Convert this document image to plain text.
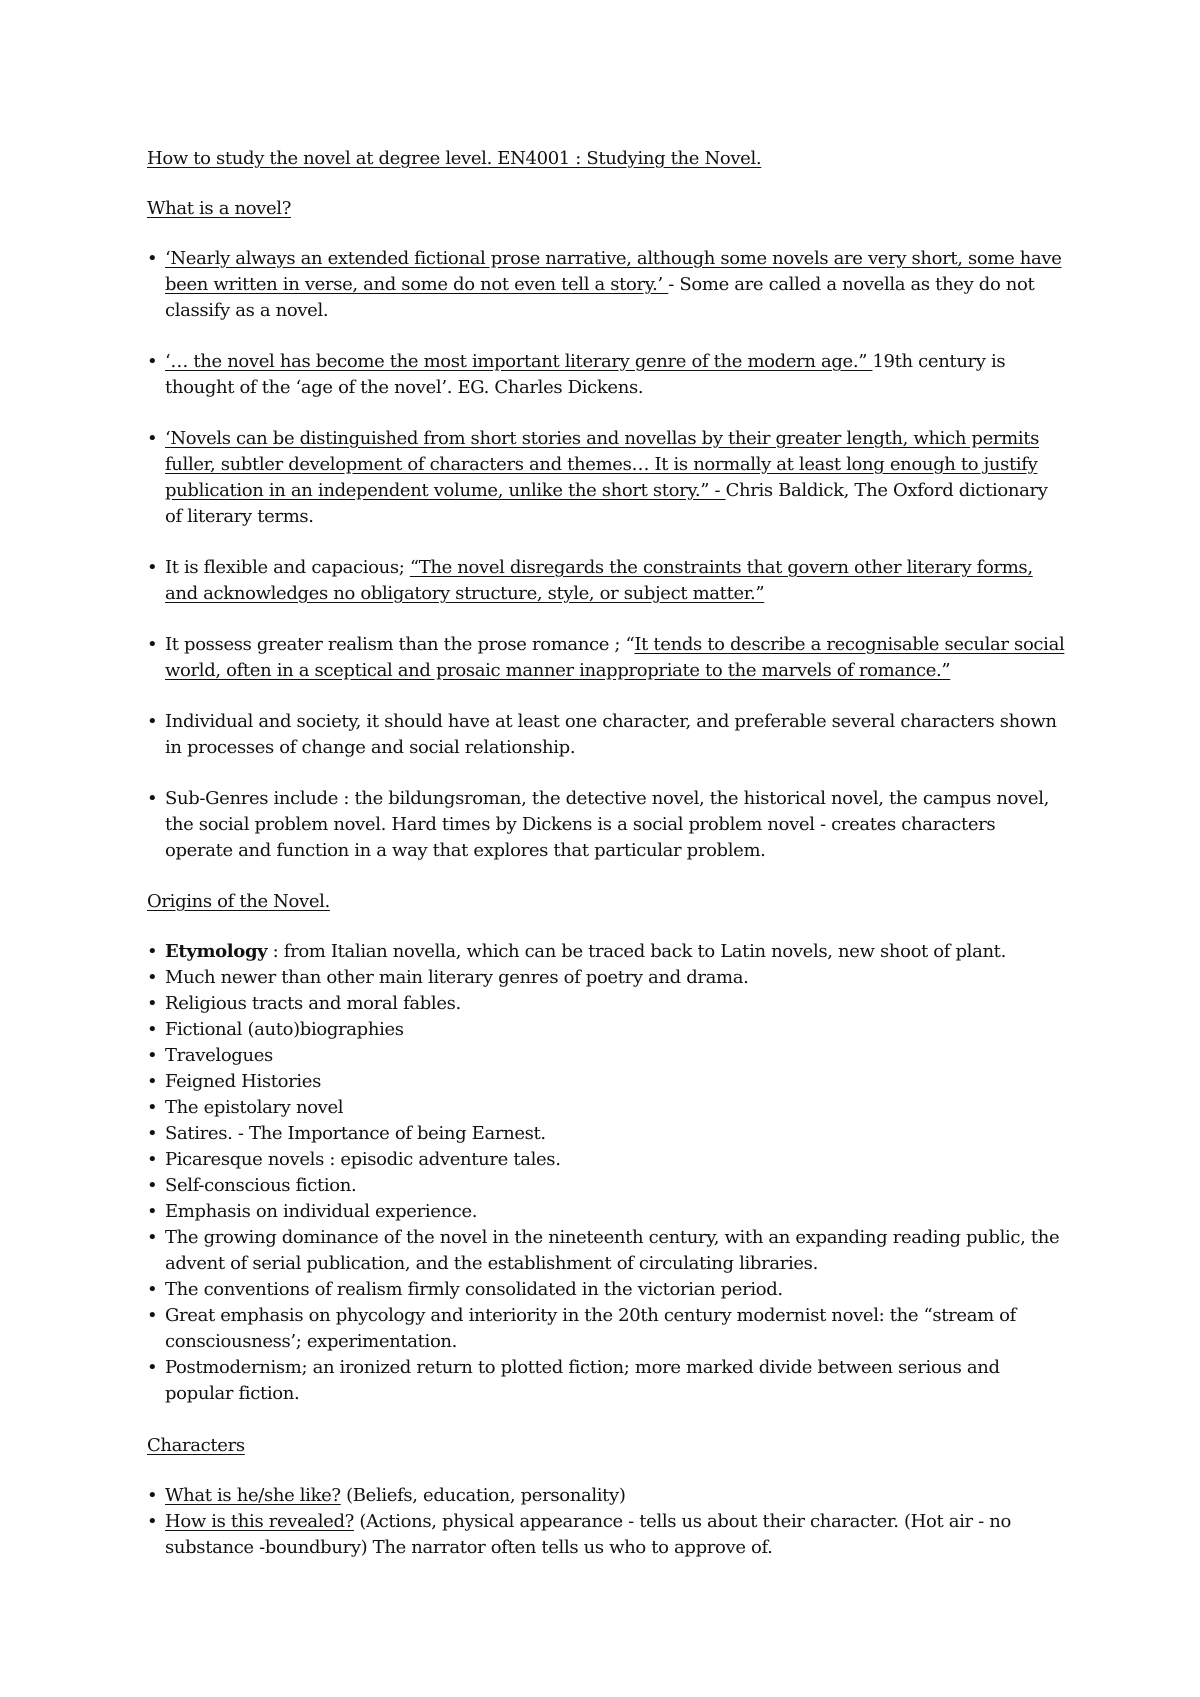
How to study the novel at degree level. EN4001 : Studying the Novel.

What is a novel?

• ‘Nearly always an extended fictional prose narrative, although some novels are very short, some have been written in verse, and some do not even tell a story.’ - Some are called a novella as they do not classify as a novel.
• ‘… the novel has become the most important literary genre of the modern age.” 19th century is thought of the ‘age of the novel’. EG. Charles Dickens.
• ‘Novels can be distinguished from short stories and novellas by their greater length, which permits fuller, subtler development of characters and themes… It is normally at least long enough to justify publication in an independent volume, unlike the short story.” - Chris Baldick, The Oxford dictionary of literary terms.
• It is flexible and capacious; “The novel disregards the constraints that govern other literary forms, and acknowledges no obligatory structure, style, or subject matter.”
• It possess greater realism than the prose romance ; “It tends to describe a recognisable secular social world, often in a sceptical and prosaic manner inappropriate to the marvels of romance.”
• Individual and society, it should have at least one character, and preferable several characters shown in processes of change and social relationship.
• Sub-Genres include : the bildungsroman, the detective novel, the historical novel, the campus novel, the social problem novel. Hard times by Dickens is a social problem novel - creates characters operate and function in a way that explores that particular problem.

Origins of the Novel.

• Etymology : from Italian novella, which can be traced back to Latin novels, new shoot of plant.
• Much newer than other main literary genres of poetry and drama.
• Religious tracts and moral fables.
• Fictional (auto)biographies
• Travelogues
• Feigned Histories
• The epistolary novel
• Satires. - The Importance of being Earnest.
• Picaresque novels : episodic adventure tales.
• Self-conscious fiction.
• Emphasis on individual experience.
• The growing dominance of the novel in the nineteenth century, with an expanding reading public, the advent of serial publication, and the establishment of circulating libraries.
• The conventions of realism firmly consolidated in the victorian period.
• Great emphasis on phycology and interiority in the 20th century modernist novel: the “stream of consciousness’; experimentation.
• Postmodernism; an ironized return to plotted fiction; more marked divide between serious and popular fiction.

Characters

• What is he/she like? (Beliefs, education, personality)
• How is this revealed? (Actions, physical appearance - tells us about their character. (Hot air - no substance -boundbury) The narrator often tells us who to approve of.
